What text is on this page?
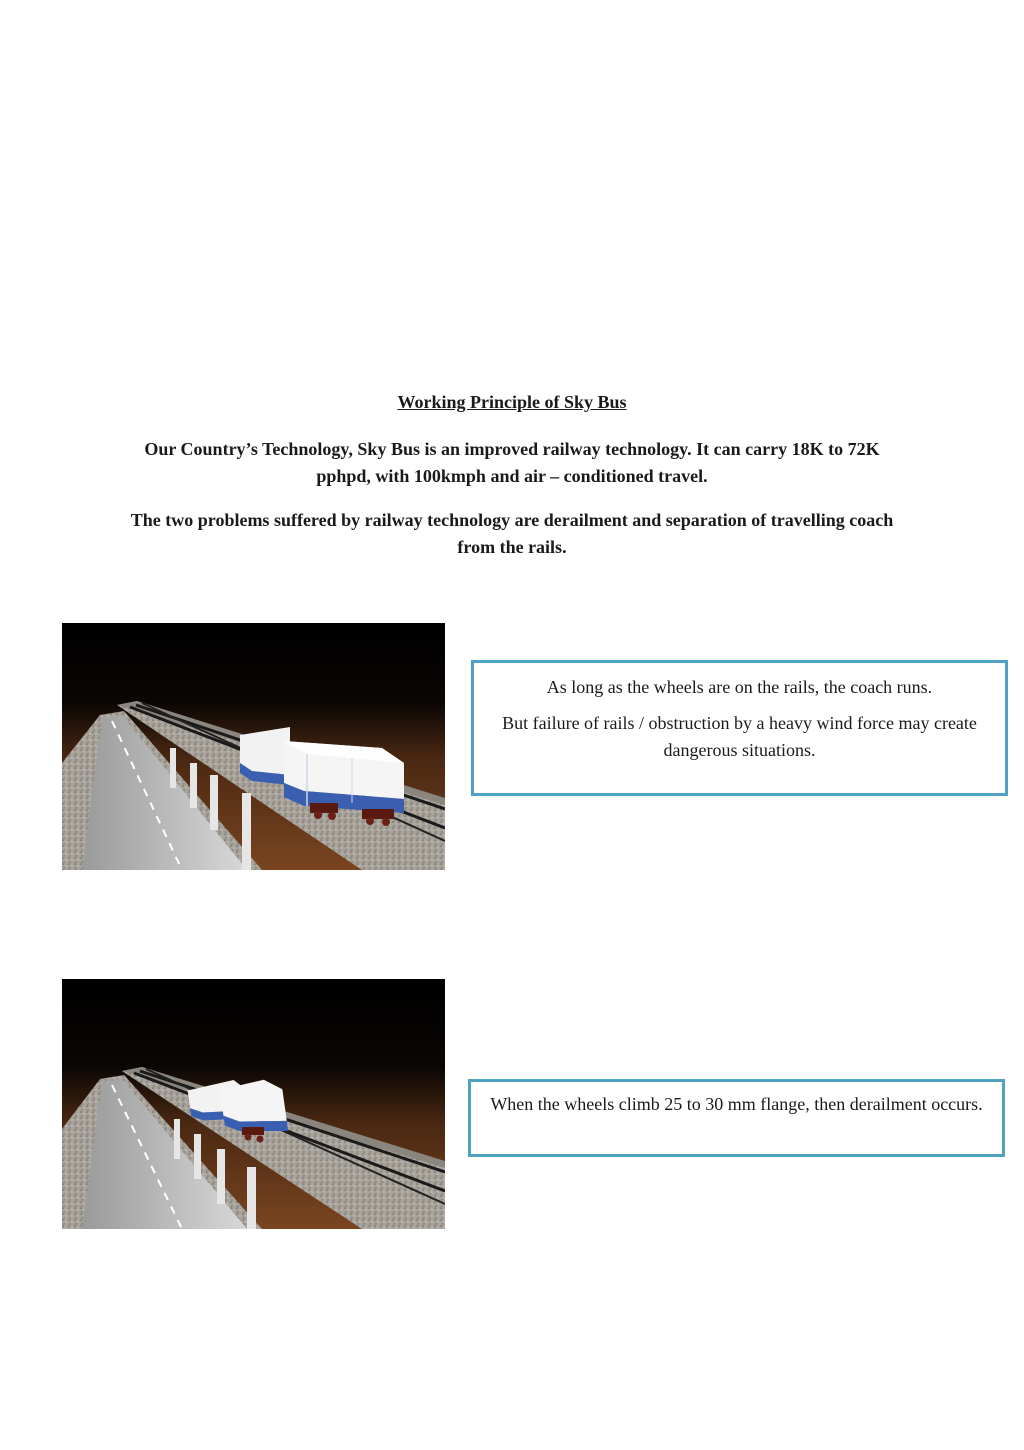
Working Principle of Sky Bus

Our Country’s Technology, Sky Bus is an improved railway technology. It can carry 18K to 72K pphpd, with 100kmph and air – conditioned travel.

The two problems suffered by railway technology are derailment and separation of travelling coach from the rails.

As long as the wheels are on the rails, the coach runs.

But failure of rails / obstruction by a heavy wind force may create dangerous situations.

When the wheels climb 25 to 30 mm flange, then derailment occurs.
